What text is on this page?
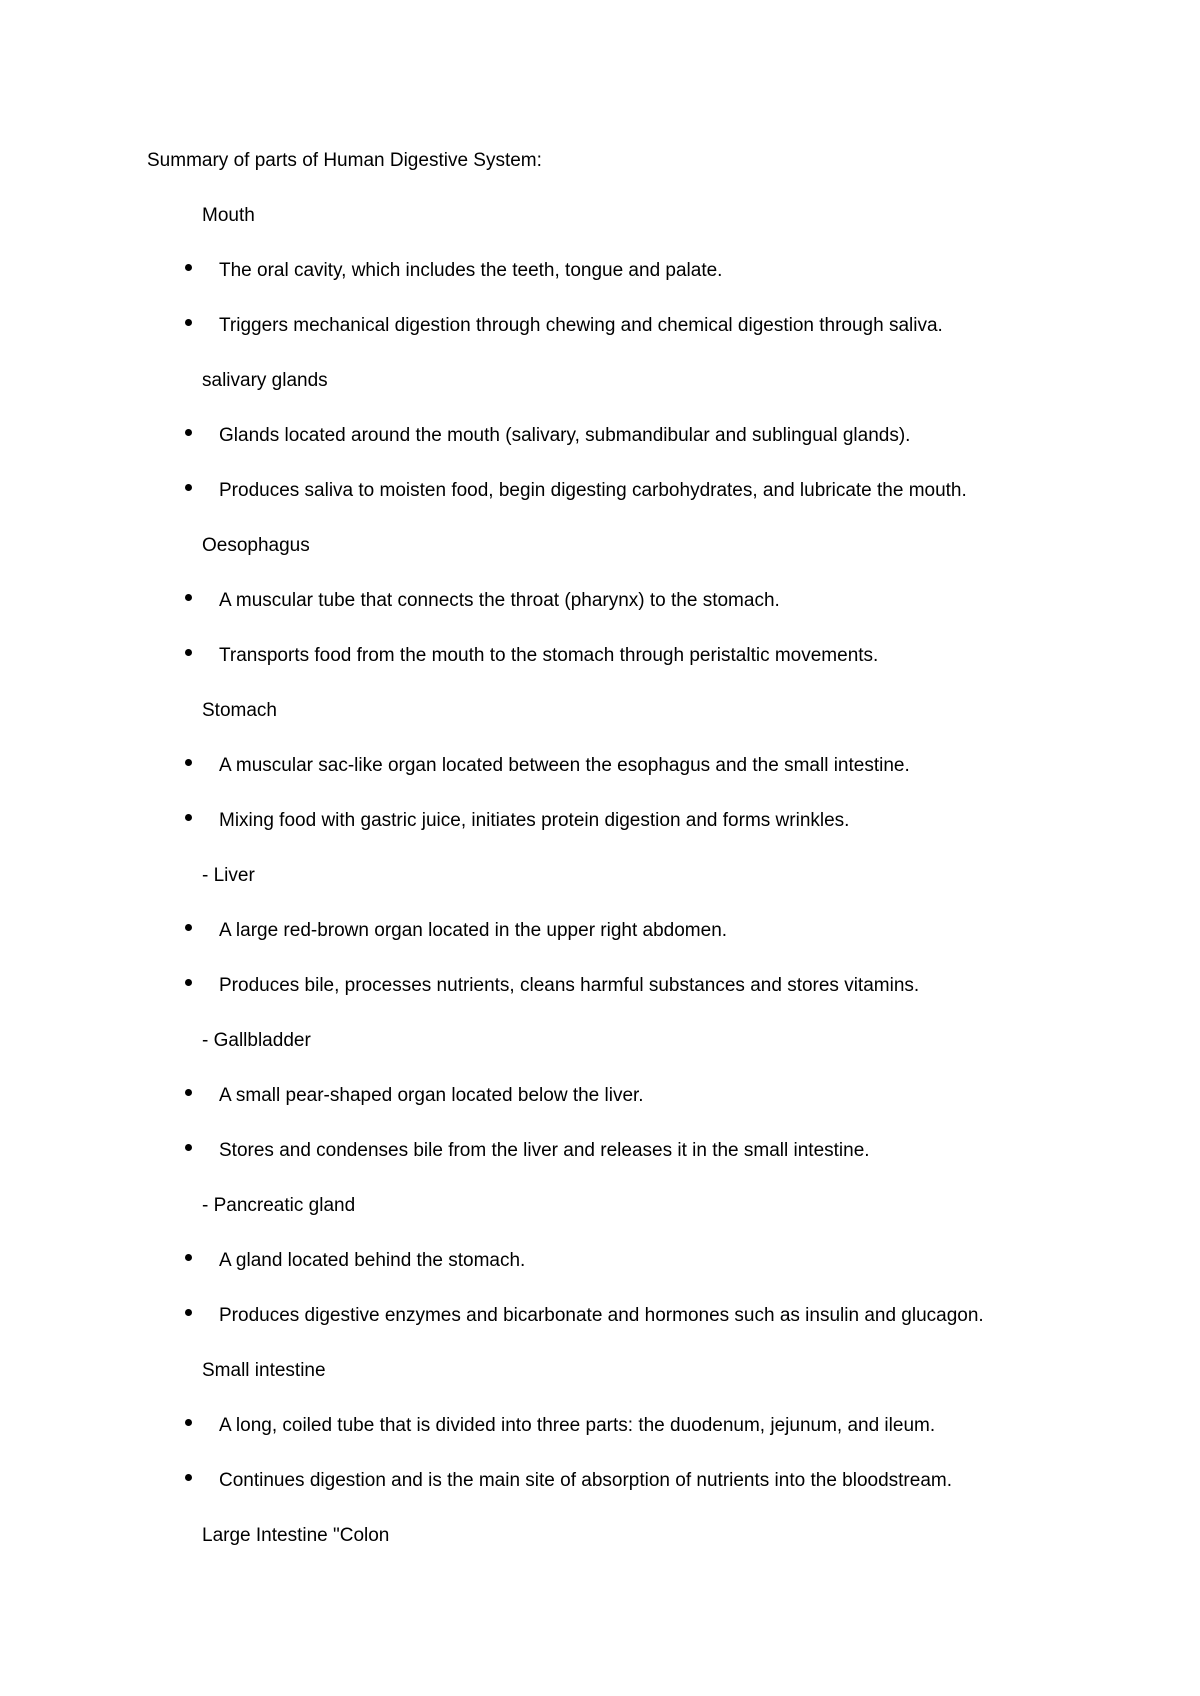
Summary of parts of Human Digestive System:
Mouth
The oral cavity, which includes the teeth, tongue and palate.
Triggers mechanical digestion through chewing and chemical digestion through saliva.
salivary glands
Glands located around the mouth (salivary, submandibular and sublingual glands).
Produces saliva to moisten food, begin digesting carbohydrates, and lubricate the mouth.
Oesophagus
A muscular tube that connects the throat (pharynx) to the stomach.
Transports food from the mouth to the stomach through peristaltic movements.
Stomach
A muscular sac-like organ located between the esophagus and the small intestine.
Mixing food with gastric juice, initiates protein digestion and forms wrinkles.
- Liver
A large red-brown organ located in the upper right abdomen.
Produces bile, processes nutrients, cleans harmful substances and stores vitamins.
- Gallbladder
A small pear-shaped organ located below the liver.
Stores and condenses bile from the liver and releases it in the small intestine.
- Pancreatic gland
A gland located behind the stomach.
Produces digestive enzymes and bicarbonate and hormones such as insulin and glucagon.
Small intestine
A long, coiled tube that is divided into three parts: the duodenum, jejunum, and ileum.
Continues digestion and is the main site of absorption of nutrients into the bloodstream.
Large Intestine "Colon
